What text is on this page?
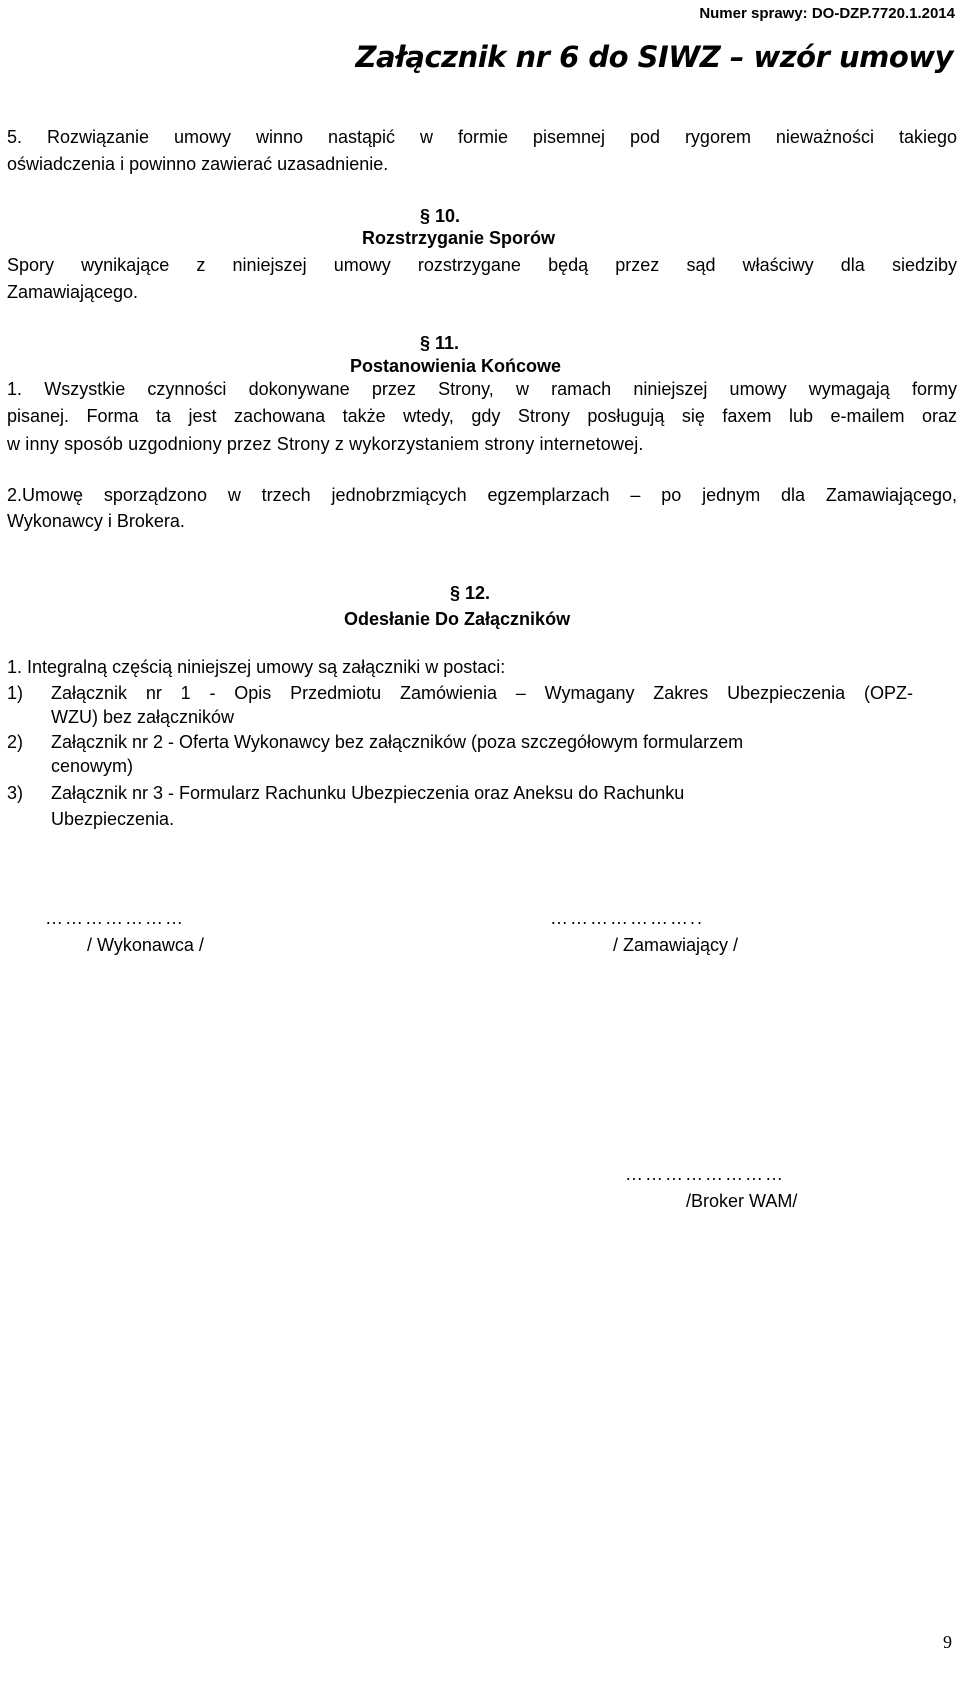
Numer sprawy: DO-DZP.7720.1.2014
Załącznik nr 6 do SIWZ – wzór umowy
5. Rozwiązanie umowy winno nastąpić w formie pisemnej pod rygorem nieważności takiego
oświadczenia i powinno zawierać uzasadnienie.
§ 10.
Rozstrzyganie Sporów
Spory wynikające z niniejszej umowy rozstrzygane będą przez sąd właściwy dla siedziby
Zamawiającego.
§ 11.
Postanowienia Końcowe
1. Wszystkie czynności dokonywane przez Strony, w ramach niniejszej umowy wymagają formy
pisanej. Forma ta jest zachowana także wtedy, gdy Strony posługują się faxem lub e-mailem oraz
w inny sposób uzgodniony przez Strony z wykorzystaniem strony internetowej.
2.Umowę sporządzono w trzech jednobrzmiących egzemplarzach – po jednym dla Zamawiającego,
Wykonawcy i Brokera.
§ 12.
Odesłanie Do Załączników
1. Integralną częścią niniejszej umowy są załączniki w postaci:
1) Załącznik nr 1 - Opis Przedmiotu Zamówienia – Wymagany Zakres Ubezpieczenia (OPZ-
WZU) bez załączników
2) Załącznik nr 2 - Oferta Wykonawcy bez załączników (poza szczegółowym formularzem
cenowym)
3) Załącznik nr 3 - Formularz Rachunku Ubezpieczenia oraz Aneksu do Rachunku
Ubezpieczenia.
…………………
/ Wykonawca /
…………………..
/ Zamawiający /
……………………
/Broker WAM/
9
